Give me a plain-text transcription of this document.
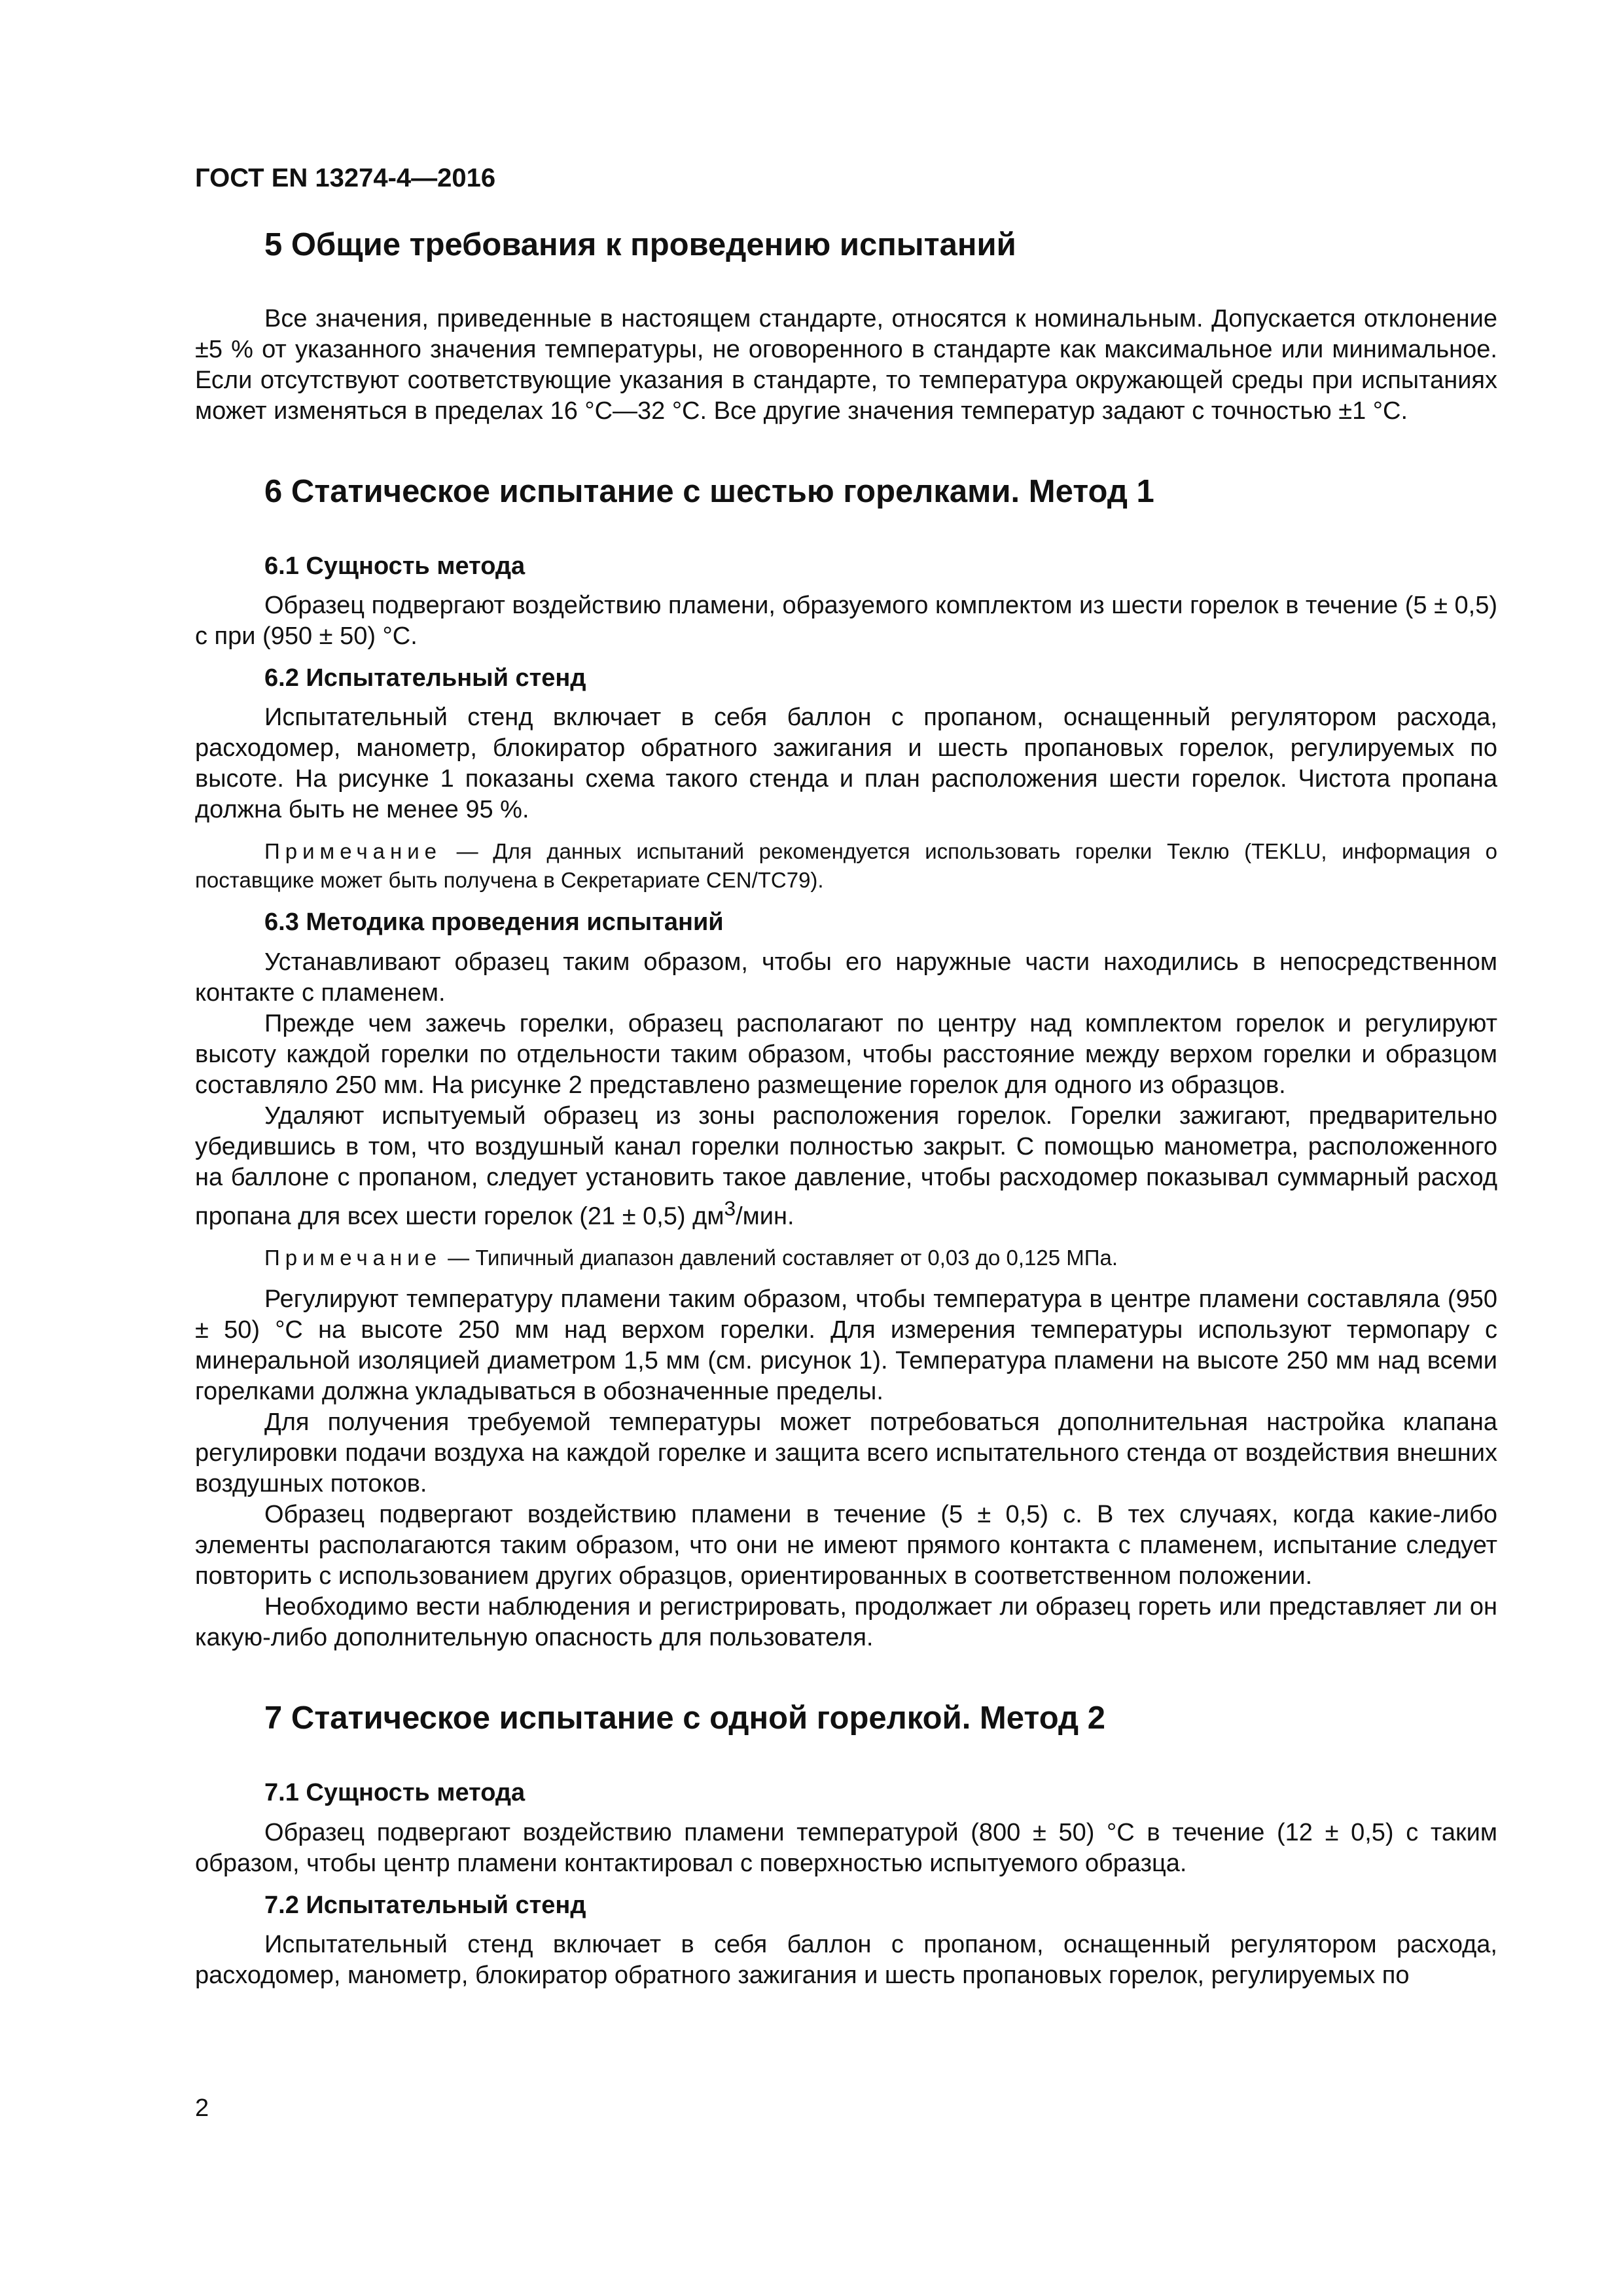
ГОСТ EN 13274-4—2016
5 Общие требования к проведению испытаний

Все значения, приведенные в настоящем стандарте, относятся к номинальным. Допускается отклонение ±5 % от указанного значения температуры, не оговоренного в стандарте как максимальное или минимальное. Если отсутствуют соответствующие указания в стандарте, то температура окружающей среды при испытаниях может изменяться в пределах 16 °С—32 °С. Все другие значения температур задают с точностью ±1 °С.

6 Статическое испытание с шестью горелками. Метод 1
6.1 Сущность метода

Образец подвергают воздействию пламени, образуемого комплектом из шести горелок в течение (5 ± 0,5) с при (950 ± 50) °С.

6.2 Испытательный стенд

Испытательный стенд включает в себя баллон с пропаном, оснащенный регулятором расхода, расходомер, манометр, блокиратор обратного зажигания и шесть пропановых горелок, регулируемых по высоте. На рисунке 1 показаны схема такого стенда и план расположения шести горелок. Чистота пропана должна быть не менее 95 %.

Примечание — Для данных испытаний рекомендуется использовать горелки Теклю (TEKLU, информация о поставщике может быть получена в Секретариате CEN/TC79).
6.3 Методика проведения испытаний

Устанавливают образец таким образом, чтобы его наружные части находились в непосредственном контакте с пламенем.

Прежде чем зажечь горелки, образец располагают по центру над комплектом горелок и регулируют высоту каждой горелки по отдельности таким образом, чтобы расстояние между верхом горелки и образцом составляло 250 мм. На рисунке 2 представлено размещение горелок для одного из образцов.

Удаляют испытуемый образец из зоны расположения горелок. Горелки зажигают, предварительно убедившись в том, что воздушный канал горелки полностью закрыт. С помощью манометра, расположенного на баллоне с пропаном, следует установить такое давление, чтобы расходомер показывал суммарный расход пропана для всех шести горелок (21 ± 0,5) $дм^3$/мин.

Примечание — Типичный диапазон давлений составляет от 0,03 до 0,125 МПа.

Регулируют температуру пламени таким образом, чтобы температура в центре пламени составляла (950 ± 50) °С на высоте 250 мм над верхом горелки. Для измерения температуры используют термопару с минеральной изоляцией диаметром 1,5 мм (см. рисунок 1). Температура пламени на высоте 250 мм над всеми горелками должна укладываться в обозначенные пределы.

Для получения требуемой температуры может потребоваться дополнительная настройка клапана регулировки подачи воздуха на каждой горелке и защита всего испытательного стенда от воздействия внешних воздушных потоков.

Образец подвергают воздействию пламени в течение (5 ± 0,5) с. В тех случаях, когда какие-либо элементы располагаются таким образом, что они не имеют прямого контакта с пламенем, испытание следует повторить с использованием других образцов, ориентированных в соответственном положении.

Необходимо вести наблюдения и регистрировать, продолжает ли образец гореть или представляет ли он какую-либо дополнительную опасность для пользователя.

7 Статическое испытание с одной горелкой. Метод 2
7.1 Сущность метода

Образец подвергают воздействию пламени температурой (800 ± 50) °С в течение (12 ± 0,5) с таким образом, чтобы центр пламени контактировал с поверхностью испытуемого образца.

7.2 Испытательный стенд

Испытательный стенд включает в себя баллон с пропаном, оснащенный регулятором расхода, расходомер, манометр, блокиратор обратного зажигания и шесть пропановых горелок, регулируемых по

2
